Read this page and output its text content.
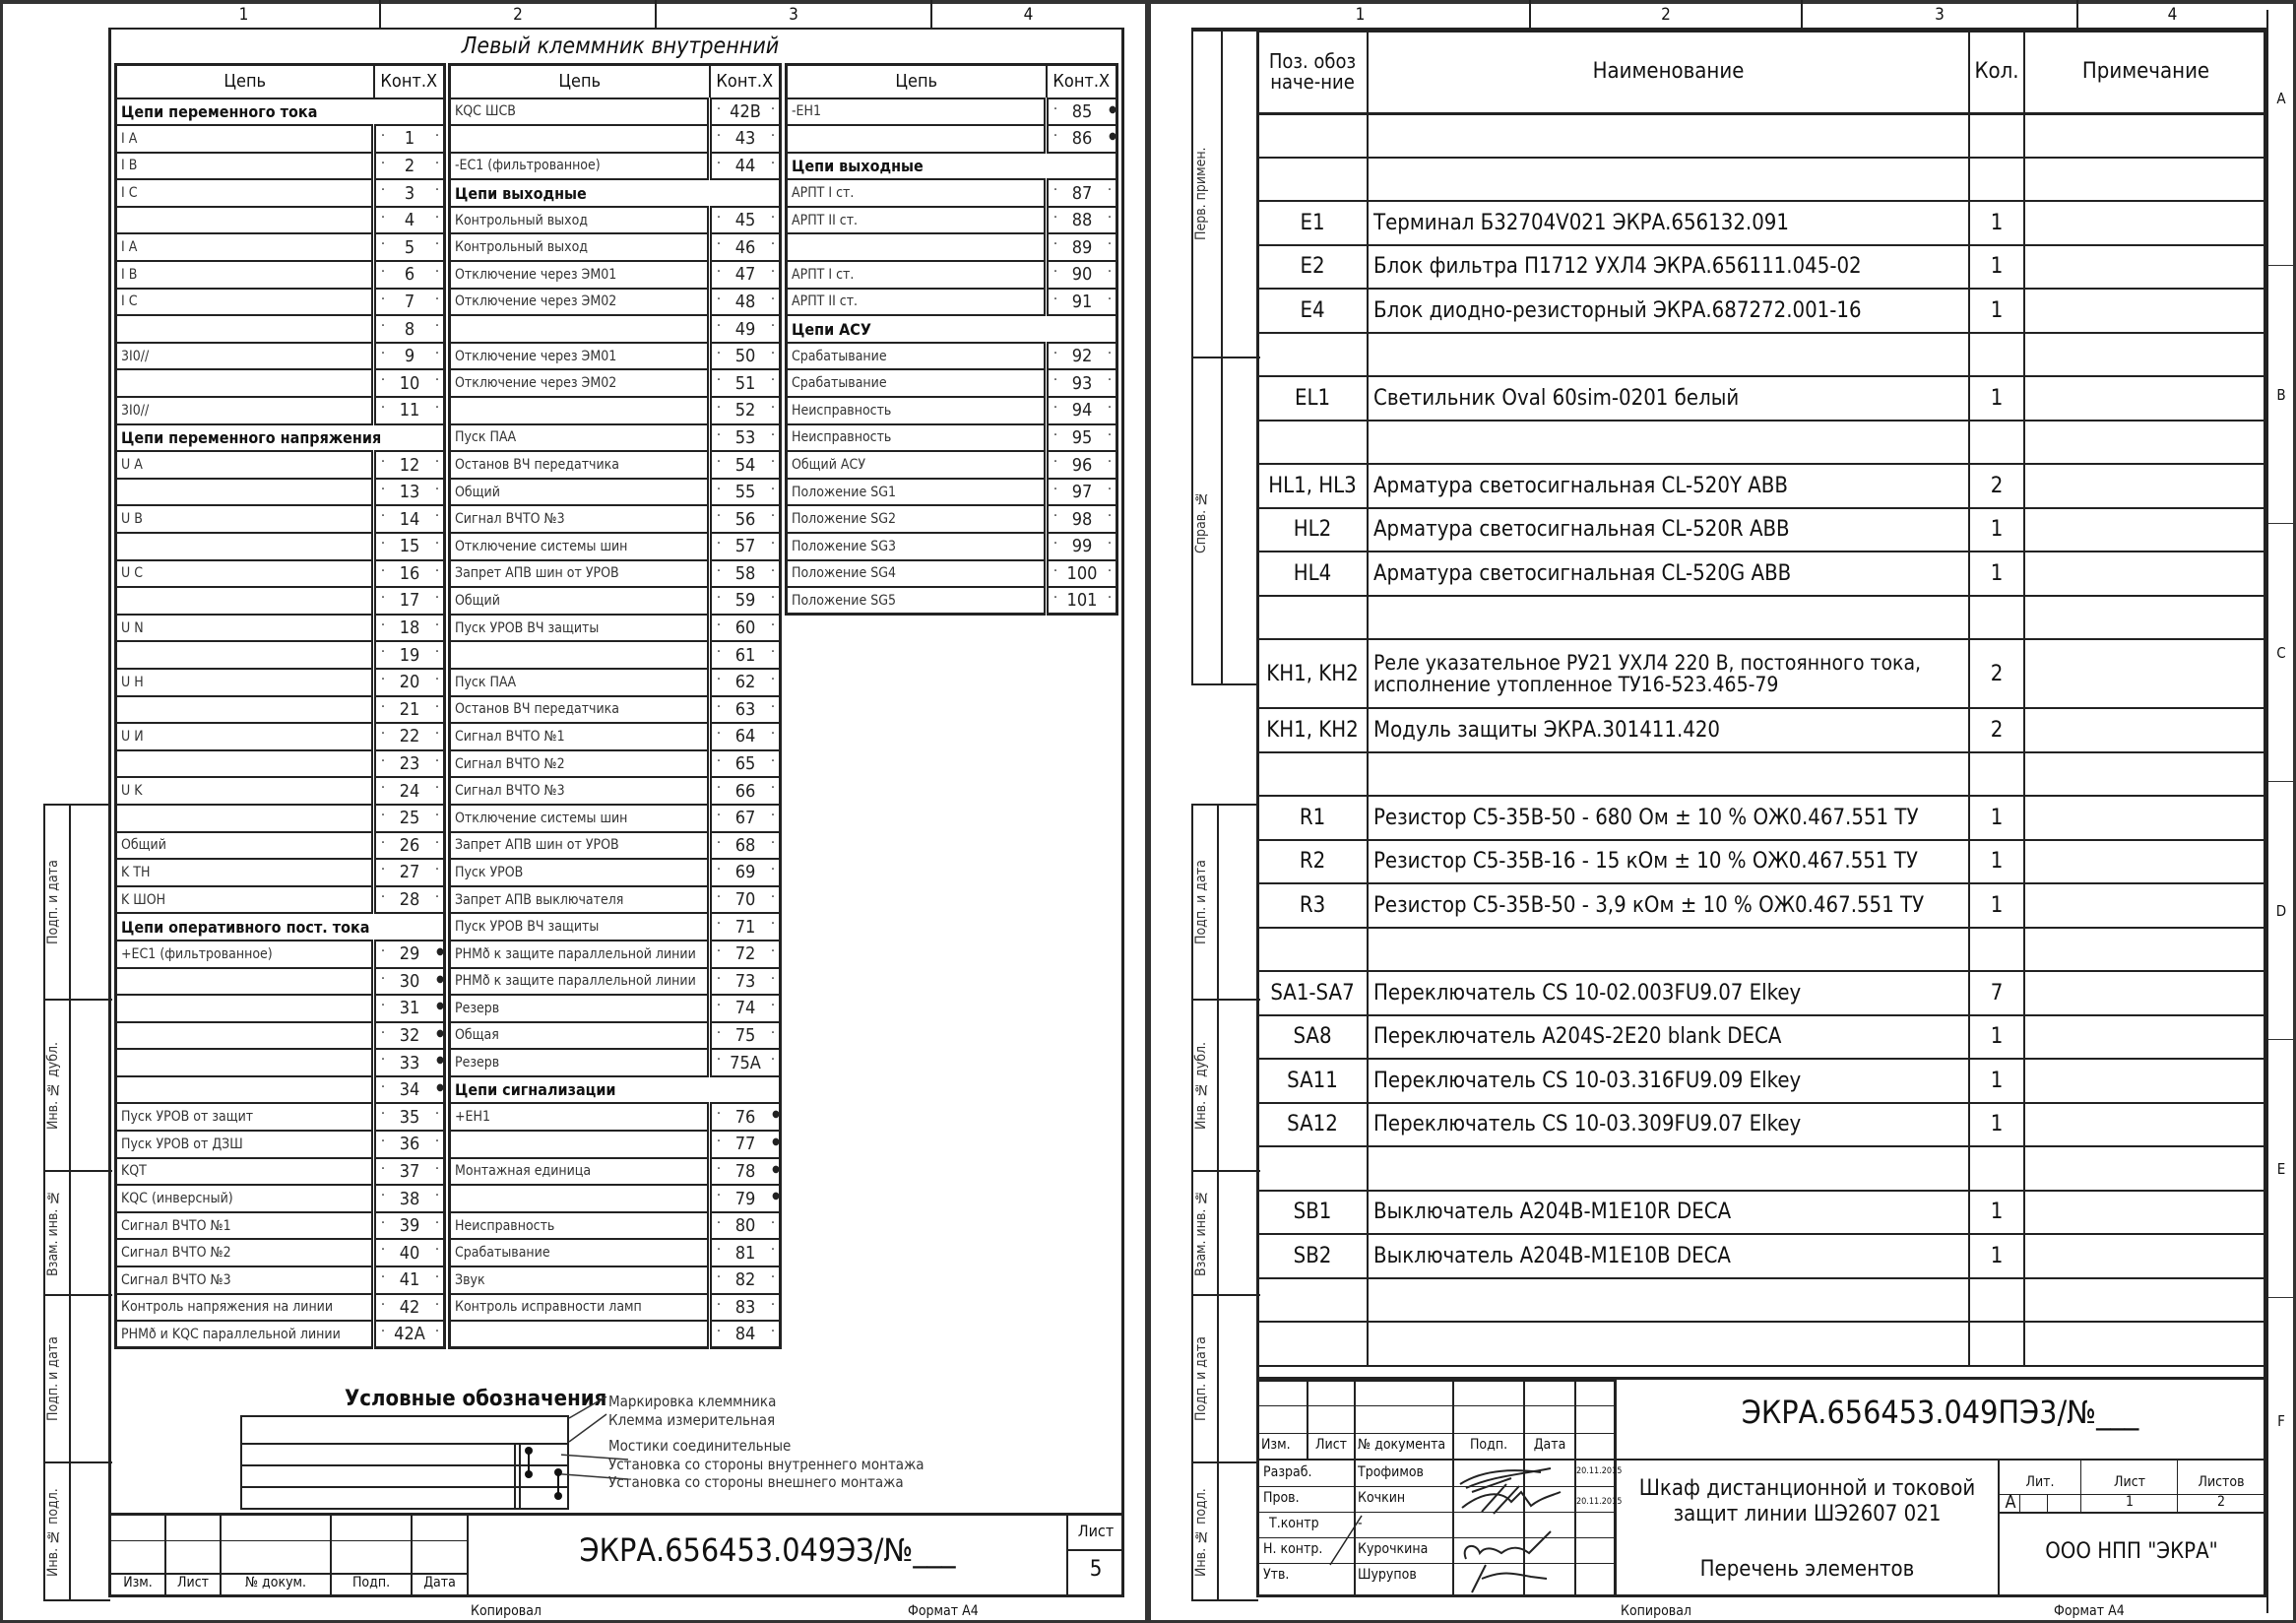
1	2	3	4
Левый клеммник внутренний
Цепь	Конт.X
Цепи переменного тока	
I A	· 1 ·
I B	· 2 ·
I C	· 3 ·
	· 4 ·
I A	· 5 ·
I B	· 6 ·
I C	· 7 ·
	· 8 ·
3I0//	· 9 ·
	· 10 ·
3I0//	· 11 ·
Цепи переменного напряжения	
U A	· 12 ·
	· 13 ·
U B	· 14 ·
	· 15 ·
U C	· 16 ·
	· 17 ·
U N	· 18 ·
	· 19 ·
U H	· 20 ·
	· 21 ·
U И	· 22 ·
	· 23 ·
U K	· 24 ·
	· 25 ·
Общий	· 26 ·
K TH	· 27 ·
K ШОН	· 28 ·
Цепи оперативного пост. тока	
+EC1 (фильтрованное)	· 29 ●
	· 30 ●
	· 31 ●
	· 32 ●
	· 33 ●
	· 34 ●
Пуск УРОВ от защит	· 35 ·
Пуск УРОВ от ДЗШ	· 36 ·
KQT	· 37 ·
KQC (инверсный)	· 38 ·
Сигнал ВЧТО №1	· 39 ·
Сигнал ВЧТО №2	· 40 ·
Сигнал ВЧТО №3	· 41 ·
Контроль напряжения на линии	· 42 ·
РНМð и KQC параллельной линии	· 42A ·
Цепь	Конт.X
KQC ШСВ	· 42B ·
	· 43 ·
-EC1 (фильтрованное)	· 44 ·
Цепи выходные	
Контрольный выход	· 45 ·
Контрольный выход	· 46 ·
Отключение через ЭМ01	· 47 ·
Отключение через ЭМ02	· 48 ·
	· 49 ·
Отключение через ЭМ01	· 50 ·
Отключение через ЭМ02	· 51 ·
	· 52 ·
Пуск ПАА	· 53 ·
Останов ВЧ передатчика	· 54 ·
Общий	· 55 ·
Сигнал ВЧТО №3	· 56 ·
Отключение системы шин	· 57 ·
Запрет АПВ шин от УРОВ	· 58 ·
Общий	· 59 ·
Пуск УРОВ ВЧ защиты	· 60 ·
	· 61 ·
Пуск ПАА	· 62 ·
Останов ВЧ передатчика	· 63 ·
Сигнал ВЧТО №1	· 64 ·
Сигнал ВЧТО №2	· 65 ·
Сигнал ВЧТО №3	· 66 ·
Отключение системы шин	· 67 ·
Запрет АПВ шин от УРОВ	· 68 ·
Пуск УРОВ	· 69 ·
Запрет АПВ выключателя	· 70 ·
Пуск УРОВ ВЧ защиты	· 71 ·
РНМð к защите параллельной линии	· 72 ·
РНМð к защите параллельной линии	· 73 ·
Резерв	· 74 ·
Общая	· 75 ·
Резерв	· 75A ·
Цепи сигнализации	
+EH1	· 76 ●
	· 77 ●
Монтажная единица	· 78 ●
	· 79 ●
Неисправность	· 80 ·
Срабатывание	· 81 ·
Звук	· 82 ·
Контроль исправности ламп	· 83 ·
	· 84 ·
Цепь	Конт.X
-EH1	· 85 ●
	· 86 ●
Цепи выходные	
АРПТ I ст.	· 87 ·
АРПТ II ст.	· 88 ·
	· 89 ·
АРПТ I ст.	· 90 ·
АРПТ II ст.	· 91 ·
Цепи АСУ	
Срабатывание	· 92 ·
Срабатывание	· 93 ·
Неисправность	· 94 ·
Неисправность	· 95 ·
Общий АСУ	· 96 ·
Положение SG1	· 97 ·
Положение SG2	· 98 ·
Положение SG3	· 99 ·
Положение SG4	· 100 ·
Положение SG5	· 101 ·
Условные обозначения Маркировка клеммника
Клемма измерительная
Мостики соединительные
Установка со стороны внутреннего монтажа
Установка со стороны внешнего монтажа
Подп. и дата
Инв. № дубл.
Взам. инв. №
Подп. и дата
Инв. № подл.
Изм.	Лист	№ докум.	Подп.	Дата
ЭКРА.656453.049ЭЗ/№___
Лист
5
Копировал	Формат А4
1	2	3	4
A
B
C
D
E
F
Перв. примен.
Справ. №
Подп. и дата
Инв. № дубл.
Взам. инв. №
Подп. и дата
Инв. № подл.
Поз. обозначе-ние	Наименование	Кол.	Примечание

E1	Терминал Б32704V021 ЭКРА.656132.091	1	
E2	Блок фильтра П1712 УХЛ4 ЭКРА.656111.045-02	1	
E4	Блок диодно-резисторный ЭКРА.687272.001-16	1	

EL1	Светильник Oval 60sim-0201 белый	1	

HL1, HL3	Арматура светосигнальная CL-520Y ABB	2	
HL2	Арматура светосигнальная CL-520R ABB	1	
HL4	Арматура светосигнальная CL-520G ABB	1	

KH1, KH2	Реле указательное РУ21 УХЛ4 220 В, постоянного тока, исполнение утопленное ТУ16-523.465-79	2	
KH1, KH2	Модуль защиты ЭКРА.301411.420	2	

R1	Резистор С5-35В-50 - 680 Ом ± 10 % ОЖ0.467.551 ТУ	1	
R2	Резистор С5-35В-16 - 15 кОм ± 10 % ОЖ0.467.551 ТУ	1	
R3	Резистор С5-35В-50 - 3,9 кОм ± 10 % ОЖ0.467.551 ТУ	1	

SA1-SA7	Переключатель CS 10-02.003FU9.07 Elkey	7	
SA8	Переключатель A204S-2E20 blank DECA	1	
SA11	Переключатель CS 10-03.316FU9.09 Elkey	1	
SA12	Переключатель CS 10-03.309FU9.07 Elkey	1	

SB1	Выключатель A204B-M1E10R DECA	1	
SB2	Выключатель A204B-M1E10B DECA	1	

Изм.	Лист № документа	Подп.	Дата
Разраб.	Трофимов	20.11.2015
Пров.	Кочкин	20.11.2015
Т.контр	-
Н. контр.	Курочкина
Утв.	Шурупов
ЭКРА.656453.049ПЭ3/№___
Шкаф дистанционной и токовой
защит линии ШЭ2607 021
Перечень элементов
Лит.	Лист	Листов
А	1	2
ООО НПП "ЭКРА"
Копировал	Формат А4
